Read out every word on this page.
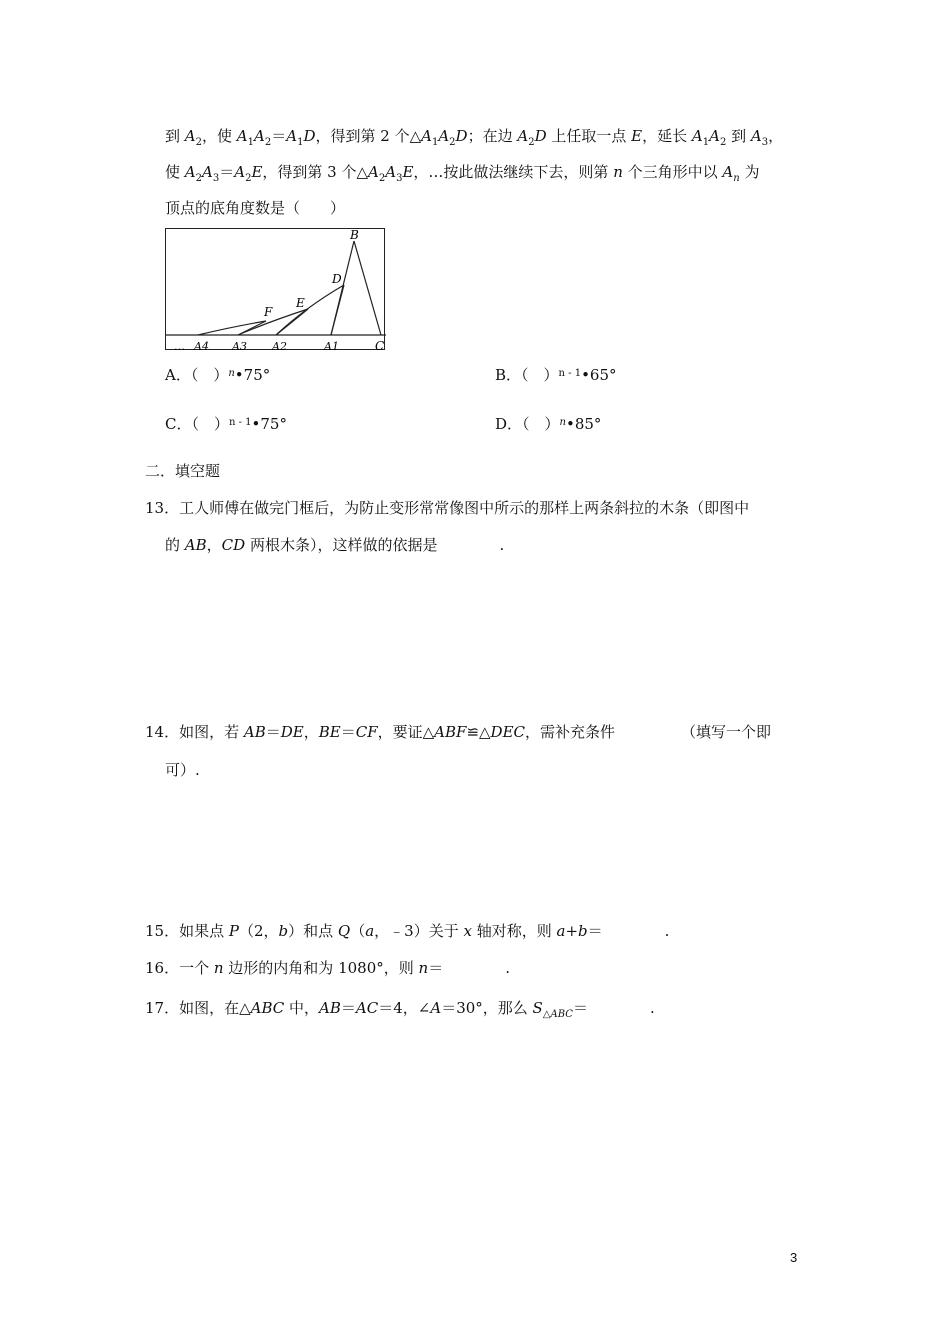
到 $A_2$，使 $A_1A_2=A_1D$，得到第 2 个$\triangle A_1A_2D$；在边 $A_2D$ 上任取一点 E，延长 $A_1A_2$ 到 $A_3$，
使 $A_2A_3=A_2E$，得到第 3 个$\triangle A_2A_3E$，…按此做法继续下去，则第 n 个三角形中以 $A_n$ 为
顶点的底角度数是（　　）
B
D
E
F
… A4 A3 A2	A1	C
A．（　）$^n$•75°	B．（　）$^{n - 1}$•65°
C．（　）$^{n - 1}$•75°	D．（　）$^n$•85°
二．填空题
13．工人师傅在做完门框后，为防止变形常常像图中所示的那样上两条斜拉的木条（即图中
的 AB，CD 两根木条），这样做的依据是	.
14．如图，若 AB＝DE，BE＝CF，要证△ABF≌△DEC，需补充条件	（填写一个即
可）.
15．如果点 P（2，b）和点 Q（a，﹣3）关于 x 轴对称，则 a+b＝	.
16．一个 n 边形的内角和为 1080°，则 n＝	.
17．如图，在△ABC 中，AB＝AC＝4，∠A＝30°，那么 $S_{\triangle ABC}=$	.
3
